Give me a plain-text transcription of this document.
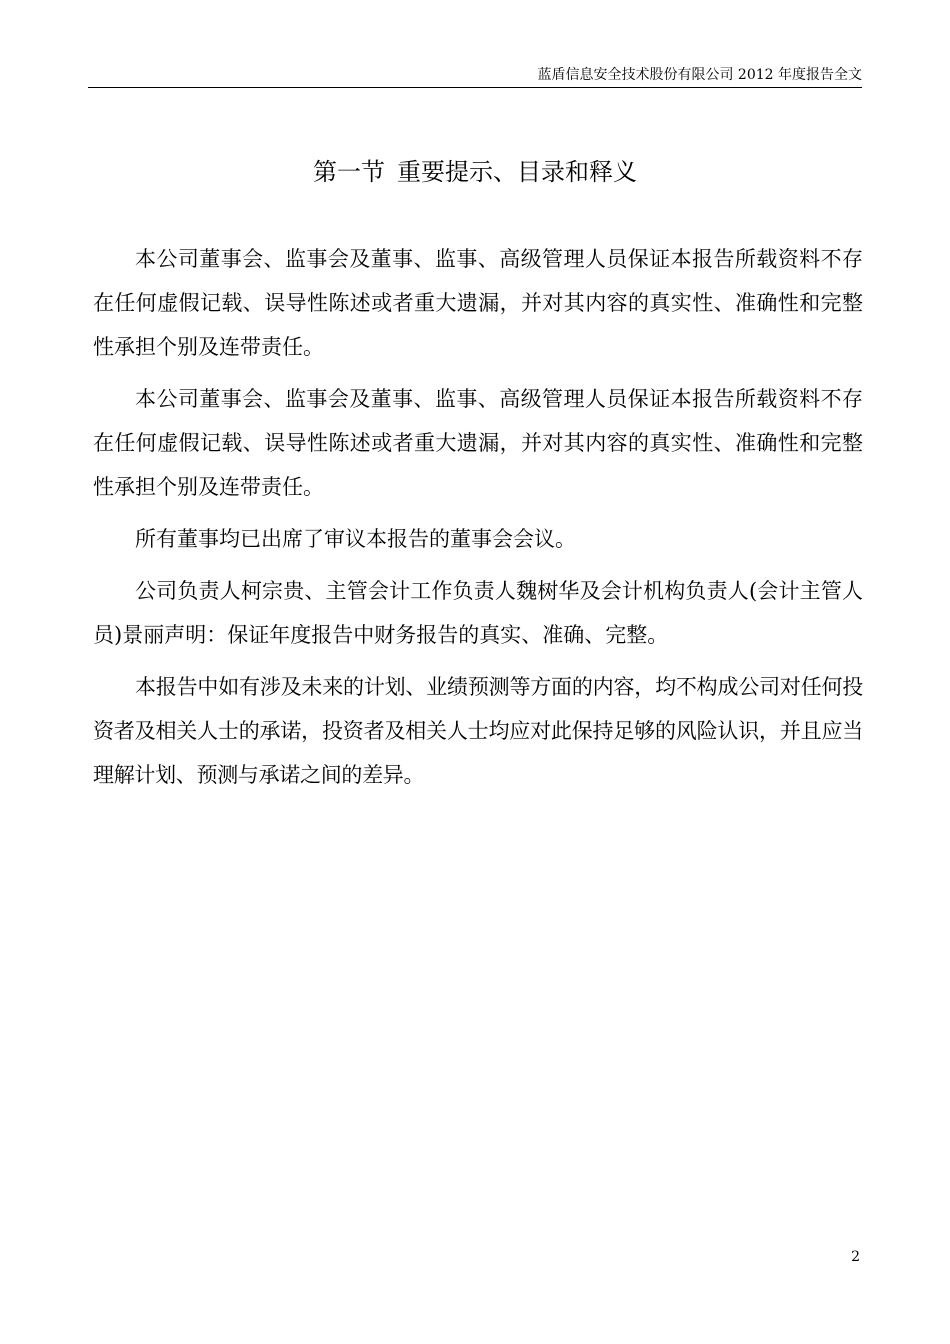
蓝盾信息安全技术股份有限公司 2012 年度报告全文
第一节 重要提示、目录和释义

本公司董事会、监事会及董事、监事、高级管理人员保证本报告所载资料不存在任何虚假记载、误导性陈述或者重大遗漏，并对其内容的真实性、准确性和完整性承担个别及连带责任。

本公司董事会、监事会及董事、监事、高级管理人员保证本报告所载资料不存在任何虚假记载、误导性陈述或者重大遗漏，并对其内容的真实性、准确性和完整性承担个别及连带责任。

所有董事均已出席了审议本报告的董事会会议。

公司负责人柯宗贵、主管会计工作负责人魏树华及会计机构负责人(会计主管人员)景丽声明：保证年度报告中财务报告的真实、准确、完整。

本报告中如有涉及未来的计划、业绩预测等方面的内容，均不构成公司对任何投资者及相关人士的承诺，投资者及相关人士均应对此保持足够的风险认识，并且应当理解计划、预测与承诺之间的差异。

2
